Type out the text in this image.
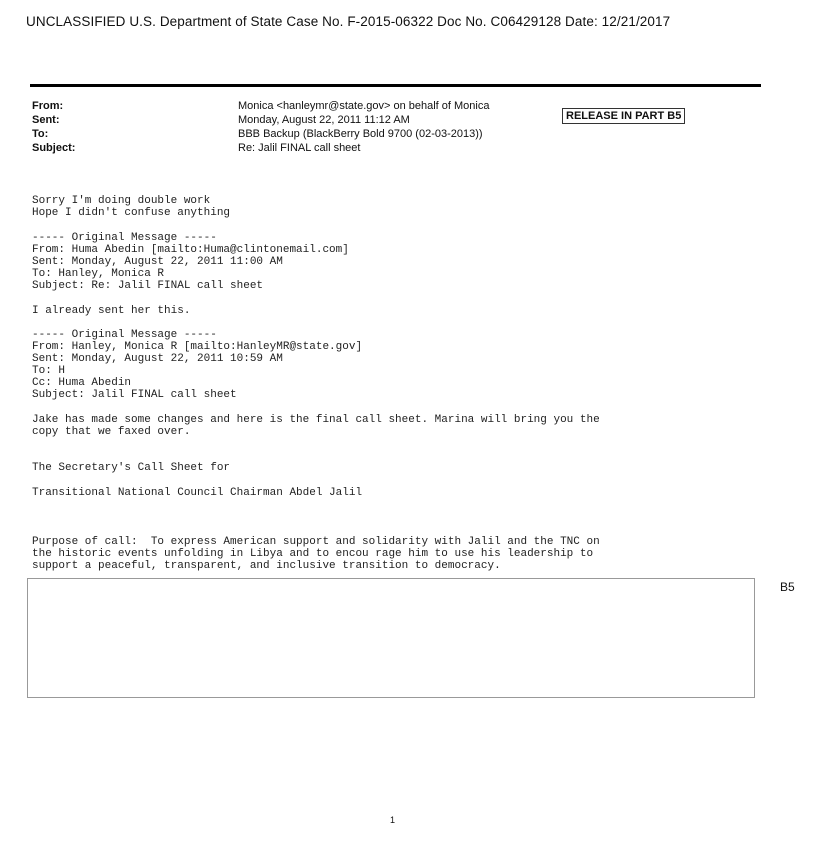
UNCLASSIFIED U.S. Department of State Case No. F-2015-06322 Doc No. C06429128 Date: 12/21/2017
From:
Sent:
To:
Subject:
Monica <hanleymr@state.gov> on behalf of Monica
Monday, August 22, 2011 11:12 AM
BBB Backup (BlackBerry Bold 9700 (02-03-2013))
Re: Jalil FINAL call sheet
RELEASE IN PART B5
Sorry I'm doing double work
Hope I didn't confuse anything
----- Original Message -----
From: Huma Abedin [mailto:Huma@clintonemail.com]
Sent: Monday, August 22, 2011 11:00 AM
To: Hanley, Monica R
Subject: Re: Jalil FINAL call sheet
I already sent her this.
----- Original Message -----
From: Hanley, Monica R [mailto:HanleyMR@state.gov]
Sent: Monday, August 22, 2011 10:59 AM
To: H
Cc: Huma Abedin
Subject: Jalil FINAL call sheet
Jake has made some changes and here is the final call sheet. Marina will bring you the
copy that we faxed over.
The Secretary's Call Sheet for
Transitional National Council Chairman Abdel Jalil
Purpose of call:  To express American support and solidarity with Jalil and the TNC on
the historic events unfolding in Libya and to encou rage him to use his leadership to
support a peaceful, transparent, and inclusive transition to democracy.
B5
1
